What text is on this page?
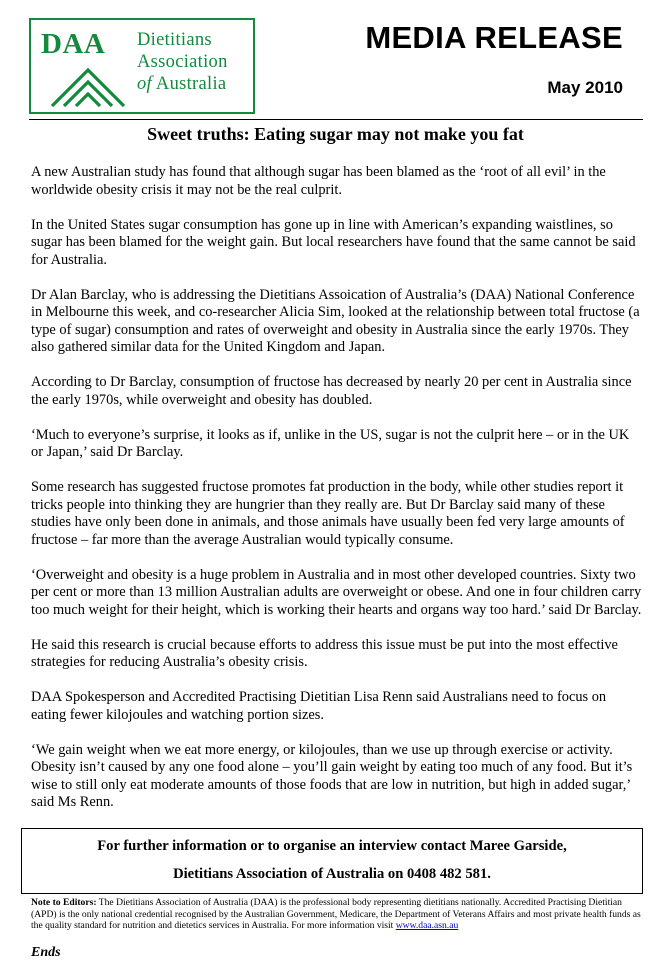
DAA Dietitians
Association
of Australia
MEDIA RELEASE
May 2010
Sweet truths: Eating sugar may not make you fat

A new Australian study has found that although sugar has been blamed as the ‘root of all evil’ in the worldwide obesity crisis it may not be the real culprit.

In the United States sugar consumption has gone up in line with American’s expanding waistlines, so sugar has been blamed for the weight gain. But local researchers have found that the same cannot be said for Australia.

Dr Alan Barclay, who is addressing the Dietitians Assoication of Australia’s (DAA) National Conference in Melbourne this week, and co-researcher Alicia Sim, looked at the relationship between total fructose (a type of sugar) consumption and rates of overweight and obesity in Australia since the early 1970s. They also gathered similar data for the United Kingdom and Japan.

According to Dr Barclay, consumption of fructose has decreased by nearly 20 per cent in Australia since the early 1970s, while overweight and obesity has doubled.

‘Much to everyone’s surprise, it looks as if, unlike in the US, sugar is not the culprit here – or in the UK or Japan,’ said Dr Barclay.

Some research has suggested fructose promotes fat production in the body, while other studies report it tricks people into thinking they are hungrier than they really are. But Dr Barclay said many of these studies have only been done in animals, and those animals have usually been fed very large amounts of fructose – far more than the average Australian would typically consume.

‘Overweight and obesity is a huge problem in Australia and in most other developed countries. Sixty two per cent or more than 13 million Australian adults are overweight or obese. And one in four children carry too much weight for their height, which is working their hearts and organs way too hard.’ said Dr Barclay.

He said this research is crucial because efforts to address this issue must be put into the most effective strategies for reducing Australia’s obesity crisis.

DAA Spokesperson and Accredited Practising Dietitian Lisa Renn said Australians need to focus on eating fewer kilojoules and watching portion sizes.

‘We gain weight when we eat more energy, or kilojoules, than we use up through exercise or activity. Obesity isn’t caused by any one food alone – you’ll gain weight by eating too much of any food. But it’s wise to still only eat moderate amounts of those foods that are low in nutrition, but high in added sugar,’ said Ms Renn.

For further information or to organise an interview contact Maree Garside,
Dietitians Association of Australia on 0408 482 581.
Note to Editors: The Dietitians Association of Australia (DAA) is the professional body representing dietitians nationally. Accredited Practising Dietitian (APD) is the only national credential recognised by the Australian Government, Medicare, the Department of Veterans Affairs and most private health funds as the quality standard for nutrition and dietetics services in Australia. For more information visit www.daa.asn.au
Ends
